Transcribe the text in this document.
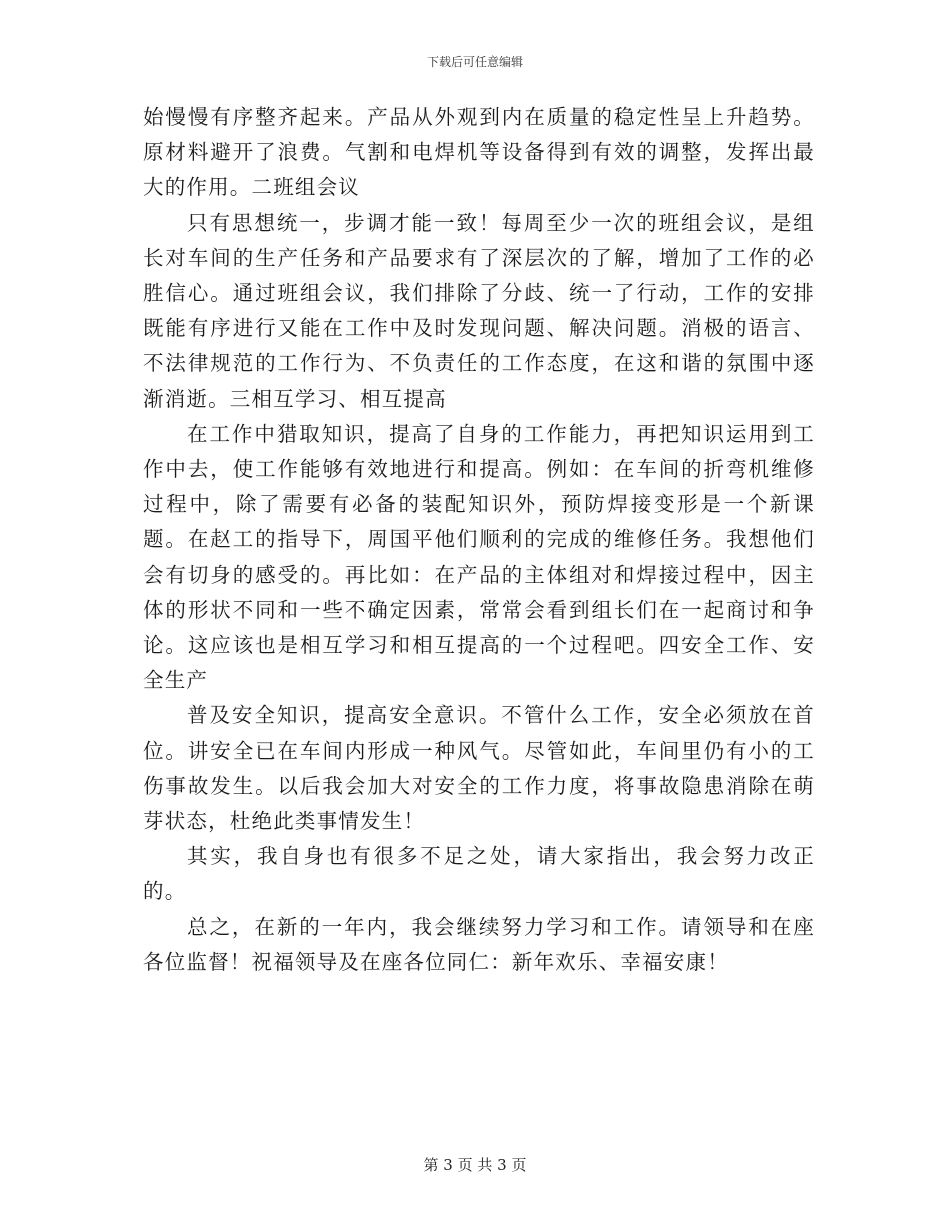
下载后可任意编辑

始慢慢有序整齐起来。产品从外观到内在质量的稳定性呈上升趋势。原材料避开了浪费。气割和电焊机等设备得到有效的调整，发挥出最大的作用。二班组会议

只有思想统一，步调才能一致！每周至少一次的班组会议，是组长对车间的生产任务和产品要求有了深层次的了解，增加了工作的必胜信心。通过班组会议，我们排除了分歧、统一了行动，工作的安排既能有序进行又能在工作中及时发现问题、解决问题。消极的语言、不法律规范的工作行为、不负责任的工作态度，在这和谐的氛围中逐渐消逝。三相互学习、相互提高

在工作中猎取知识，提高了自身的工作能力，再把知识运用到工作中去，使工作能够有效地进行和提高。例如：在车间的折弯机维修过程中，除了需要有必备的装配知识外，预防焊接变形是一个新课题。在赵工的指导下，周国平他们顺利的完成的维修任务。我想他们会有切身的感受的。再比如：在产品的主体组对和焊接过程中，因主体的形状不同和一些不确定因素，常常会看到组长们在一起商讨和争论。这应该也是相互学习和相互提高的一个过程吧。四安全工作、安全生产

普及安全知识，提高安全意识。不管什么工作，安全必须放在首位。讲安全已在车间内形成一种风气。尽管如此，车间里仍有小的工伤事故发生。以后我会加大对安全的工作力度，将事故隐患消除在萌芽状态，杜绝此类事情发生！

其实，我自身也有很多不足之处，请大家指出，我会努力改正的。

总之，在新的一年内，我会继续努力学习和工作。请领导和在座各位监督！祝福领导及在座各位同仁：新年欢乐、幸福安康！

第 3 页 共 3 页
